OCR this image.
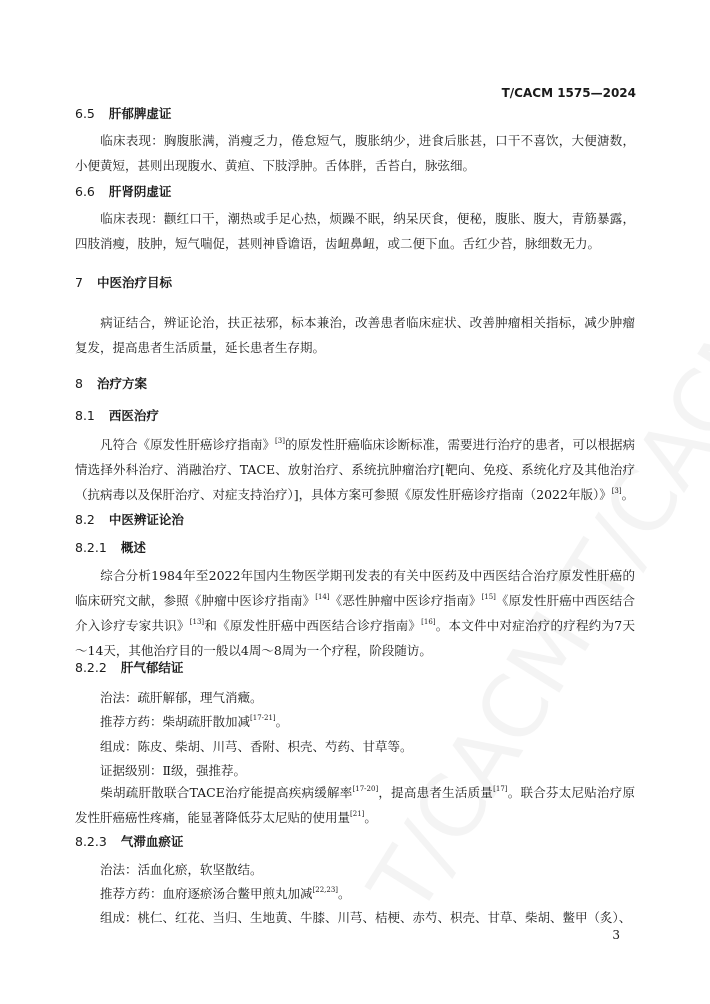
T/CACM 1575—2024
6.5 肝郁脾虚证
临床表现：胸腹胀满，消瘦乏力，倦怠短气，腹胀纳少，进食后胀甚，口干不喜饮，大便溏数，小便黄短，甚则出现腹水、黄疸、下肢浮肿。舌体胖，舌苔白，脉弦细。
6.6 肝肾阴虚证
临床表现：颧红口干，潮热或手足心热，烦躁不眠，纳呆厌食，便秘，腹胀、腹大，青筋暴露，四肢消瘦，肢肿，短气喘促，甚则神昏谵语，齿衄鼻衄，或二便下血。舌红少苔，脉细数无力。
7 中医治疗目标
病证结合，辨证论治，扶正祛邪，标本兼治，改善患者临床症状、改善肿瘤相关指标，减少肿瘤复发，提高患者生活质量，延长患者生存期。
8 治疗方案
8.1 西医治疗
凡符合《原发性肝癌诊疗指南》[3]的原发性肝癌临床诊断标准，需要进行治疗的患者，可以根据病情选择外科治疗、消融治疗、TACE、放射治疗、系统抗肿瘤治疗[靶向、免疫、系统化疗及其他治疗（抗病毒以及保肝治疗、对症支持治疗）]，具体方案可参照《原发性肝癌诊疗指南（2022年版）》[3]。
8.2 中医辨证论治
8.2.1 概述
综合分析1984年至2022年国内生物医学期刊发表的有关中医药及中西医结合治疗原发性肝癌的临床研究文献，参照《肿瘤中医诊疗指南》[14]《恶性肿瘤中医诊疗指南》[15]《原发性肝癌中西医结合介入诊疗专家共识》[13]和《原发性肝癌中西医结合诊疗指南》[16]。本文件中对症治疗的疗程约为7天～14天，其他治疗目的一般以4周～8周为一个疗程，阶段随访。
8.2.2 肝气郁结证
治法：疏肝解郁，理气消癥。
推荐方药：柴胡疏肝散加减[17-21]。
组成：陈皮、柴胡、川芎、香附、枳壳、芍药、甘草等。
证据级别：Ⅱ级，强推荐。
柴胡疏肝散联合TACE治疗能提高疾病缓解率[17-20]，提高患者生活质量[17]。联合芬太尼贴治疗原发性肝癌癌性疼痛，能显著降低芬太尼贴的使用量[21]。
8.2.3 气滞血瘀证
治法：活血化瘀，软坚散结。
推荐方药：血府逐瘀汤合鳖甲煎丸加减[22,23]。
组成：桃仁、红花、当归、生地黄、牛膝、川芎、桔梗、赤芍、枳壳、甘草、柴胡、鳖甲（炙）、
3
